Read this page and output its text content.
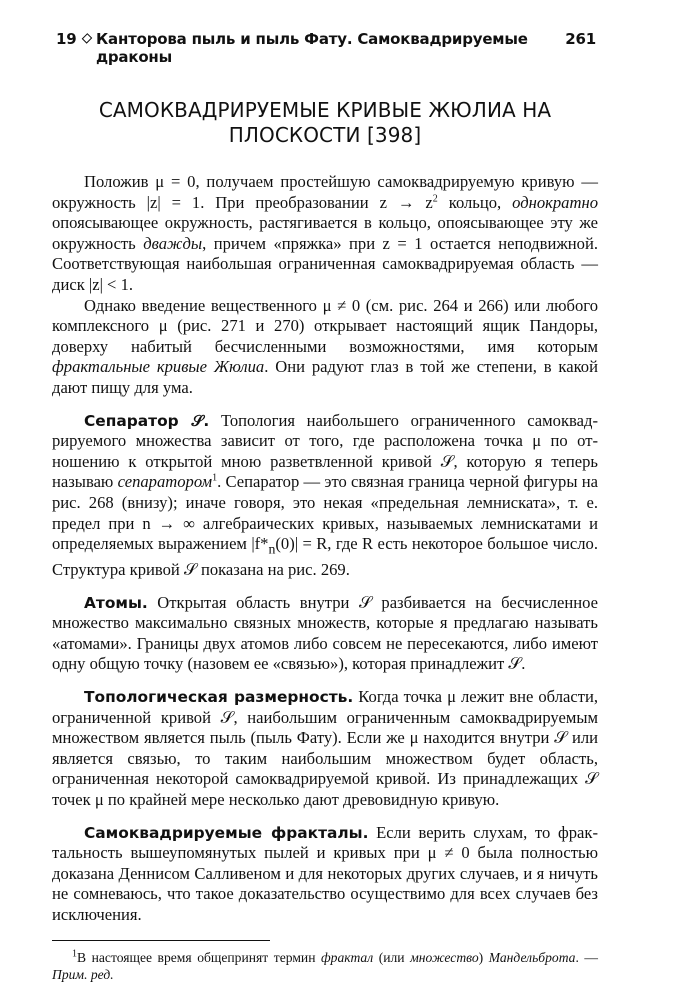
19 Канторова пыль и пыль Фату. Самоквадрируемые драконы
261
САМОКВАДРИРУЕМЫЕ КРИВЫЕ ЖЮЛИА НА ПЛОСКОСТИ [398]

Положив μ = 0, получаем простейшую самоквадрируемую кривую — окружность |z| = 1. При преобразовании $z \to z^2$ кольцо, однократно опоясывающее окружность, растягивается в кольцо, опоясывающее эту же окружность дважды, причем «пряжка» при z = 1 остается неподвижной. Соответствующая наибольшая ограниченная самоквадрируемая область — диск |z| < 1.

Однако введение вещественного μ ≠ 0 (см. рис. 264 и 266) или любого комплексного μ (рис. 271 и 270) открывает настоящий ящик Пандоры, доверху набитый бесчисленными возможностями, имя которым фрактальные кривые Жюлиа. Они радуют глаз в той же степени, в какой дают пищу для ума.

Сепаратор 𝒮. Топология наибольшего ограниченного самоквадрируемого множества зависит от того, где расположена точка μ по отношению к открытой мною разветвленной кривой 𝒮, которую я теперь называю сепаратором$^1$. Сепаратор — это связная граница черной фигуры на рис. 268 (внизу); иначе говоря, это некая «предельная лемниската», т. е. предел при n → ∞ алгебраических кривых, называемых лемнискатами и определяемых выражением $|f*_n(0)| = R$, где R есть некоторое большое число. Структура кривой 𝒮 показана на рис. 269.

Атомы. Открытая область внутри 𝒮 разбивается на бесчисленное множество максимально связных множеств, которые я предлагаю называть «атомами». Границы двух атомов либо совсем не пересекаются, либо имеют одну общую точку (назовем ее «связью»), которая принадлежит 𝒮.

Топологическая размерность. Когда точка μ лежит вне области, ограниченной кривой 𝒮, наибольшим ограниченным самоквадрируемым множеством является пыль (пыль Фату). Если же μ находится внутри 𝒮 или является связью, то таким наибольшим множеством будет область, ограниченная некоторой самоквадрируемой кривой. Из принадлежащих 𝒮 точек μ по крайней мере несколько дают древовидную кривую.

Самоквадрируемые фракталы. Если верить слухам, то фрактальность вышеупомянутых пылей и кривых при μ ≠ 0 была полностью доказана Деннисом Салливеном и для некоторых других случаев, и я ничуть не сомневаюсь, что такое доказательство осуществимо для всех случаев без исключения.

$^1$В настоящее время общепринят термин фрактал (или множество) Мандельброта. — Прим. ред.
